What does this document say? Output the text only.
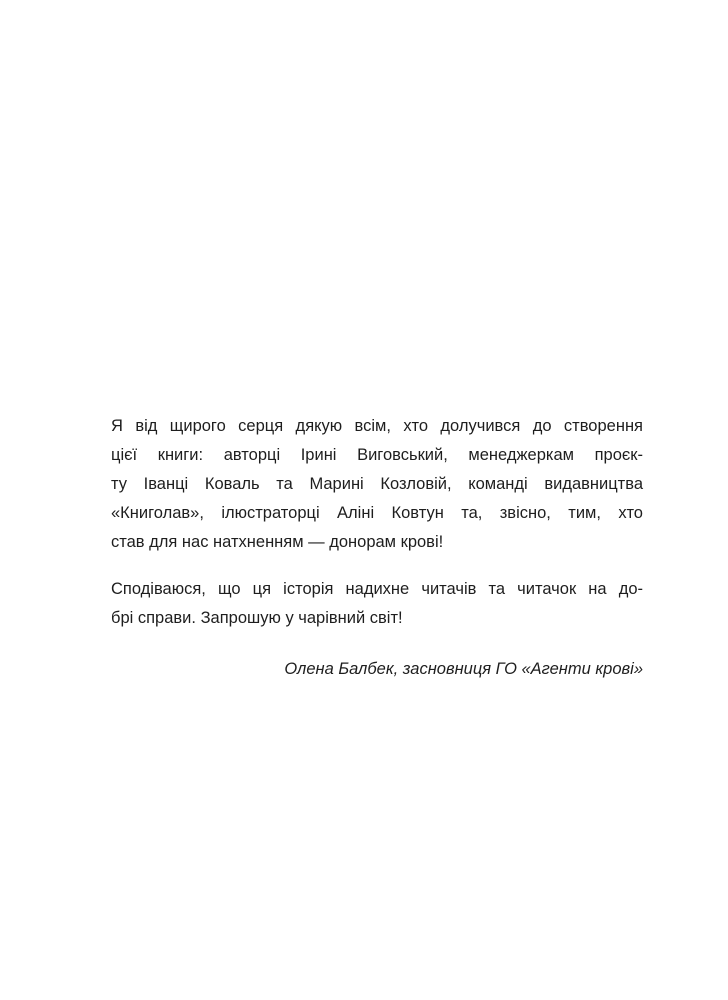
Я від щирого серця дякую всім, хто долучився до створення
цієї книги: авторці Ірині Виговський, менеджеркам проєк-
ту Іванці Коваль та Марині Козловій, команді видавництва
«Книголав», ілюстраторці Аліні Ковтун та, звісно, тим, хто
став для нас натхненням — донорам крові!

Сподіваюся, що ця історія надихне читачів та читачок на до-
брі справи. Запрошую у чарівний світ!

Олена Балбек, засновниця ГО «Агенти крові»
